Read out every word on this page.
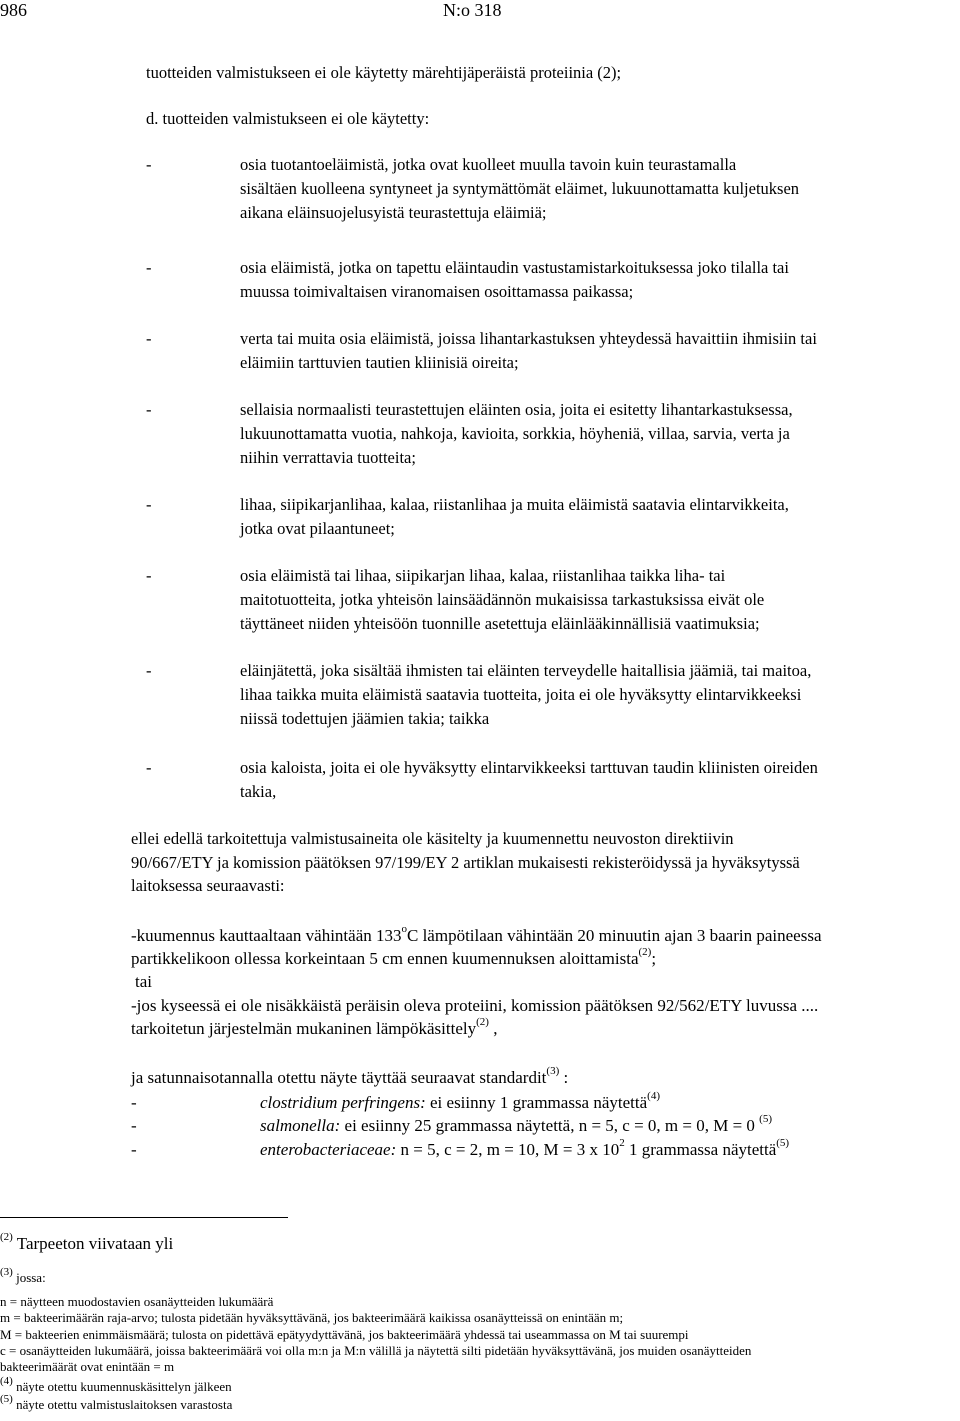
986	N:o 318
tuotteiden valmistukseen ei ole käytetty märehtijäperäistä proteiinia (2);
d. tuotteiden valmistukseen ei ole käytetty:
-	osia tuotantoeläimistä, jotka ovat kuolleet muulla tavoin kuin teurastamalla
sisältäen kuolleena syntyneet ja syntymättömät eläimet, lukuunottamatta kuljetuksen
aikana eläinsuojelusyistä teurastettuja eläimiä;
-	osia eläimistä, jotka on tapettu eläintaudin vastustamistarkoituksessa joko tilalla tai
muussa toimivaltaisen viranomaisen osoittamassa paikassa;
-	verta tai muita osia eläimistä, joissa lihantarkastuksen yhteydessä havaittiin ihmisiin tai
eläimiin tarttuvien tautien kliinisiä oireita;
-	sellaisia normaalisti teurastettujen eläinten osia, joita ei esitetty lihantarkastuksessa,
lukuunottamatta vuotia, nahkoja, kavioita, sorkkia, höyheniä, villaa, sarvia, verta ja
niihin verrattavia tuotteita;
-	lihaa, siipikarjanlihaa, kalaa, riistanlihaa ja muita eläimistä saatavia elintarvikkeita,
jotka ovat pilaantuneet;
-	osia eläimistä tai lihaa, siipikarjan lihaa, kalaa, riistanlihaa taikka liha- tai
maitotuotteita, jotka yhteisön lainsäädännön mukaisissa tarkastuksissa eivät ole
täyttäneet niiden yhteisöön tuonnille asetettuja eläinlääkinnällisiä vaatimuksia;
-	eläinjätettä, joka sisältää ihmisten tai eläinten terveydelle haitallisia jäämiä, tai maitoa,
lihaa taikka muita eläimistä saatavia tuotteita, joita ei ole hyväksytty elintarvikkeeksi
niissä todettujen jäämien takia; taikka
-	osia kaloista, joita ei ole hyväksytty elintarvikkeeksi tarttuvan taudin kliinisten oireiden
takia,
ellei edellä tarkoitettuja valmistusaineita ole käsitelty ja kuumennettu neuvoston direktiivin
90/667/ETY ja komission päätöksen 97/199/EY 2 artiklan mukaisesti rekisteröidyssä ja hyväksytyssä
laitoksessa seuraavasti:
-kuumennus kauttaaltaan vähintään 133$^o$C lämpötilaan vähintään 20 minuutin ajan 3 baarin paineessa
partikkelikoon ollessa korkeintaan 5 cm ennen kuumennuksen aloittamista$^{(2)}$;
tai
-jos kyseessä ei ole nisäkkäistä peräisin oleva proteiini, komission päätöksen 92/562/ETY luvussa ....
tarkoitetun järjestelmän mukaninen lämpökäsittely$^{(2)}$ ,
ja satunnaisotannalla otettu näyte täyttää seuraavat standardit$^{(3)}$ :
-	clostridium perfringens: ei esiinny 1 grammassa näytettä$^{(4)}$
-	salmonella: ei esiinny 25 grammassa näytettä, n = 5, c = 0, m = 0, M = 0 $^{(5)}$
-	enterobacteriaceae: n = 5, c = 2, m = 10, M = 3 x $10^2$ 1 grammassa näytettä$^{(5)}$
$^{(2)}$ Tarpeeton viivataan yli
$^{(3)}$ jossa:
n = näytteen muodostavien osanäytteiden lukumäärä
m = bakteerimäärän raja-arvo; tulosta pidetään hyväksyttävänä, jos bakteerimäärä kaikissa osanäytteissä on enintään m;
M = bakteerien enimmäismäärä; tulosta on pidettävä epätyydyttävänä, jos bakteerimäärä yhdessä tai useammassa on M tai suurempi
c = osanäytteiden lukumäärä, joissa bakteerimäärä voi olla m:n ja M:n välillä ja näytettä silti pidetään hyväksyttävänä, jos muiden osanäytteiden
bakteerimäärät ovat enintään = m
$^{(4)}$ näyte otettu kuumennuskäsittelyn jälkeen
$^{(5)}$ näyte otettu valmistuslaitoksen varastosta
